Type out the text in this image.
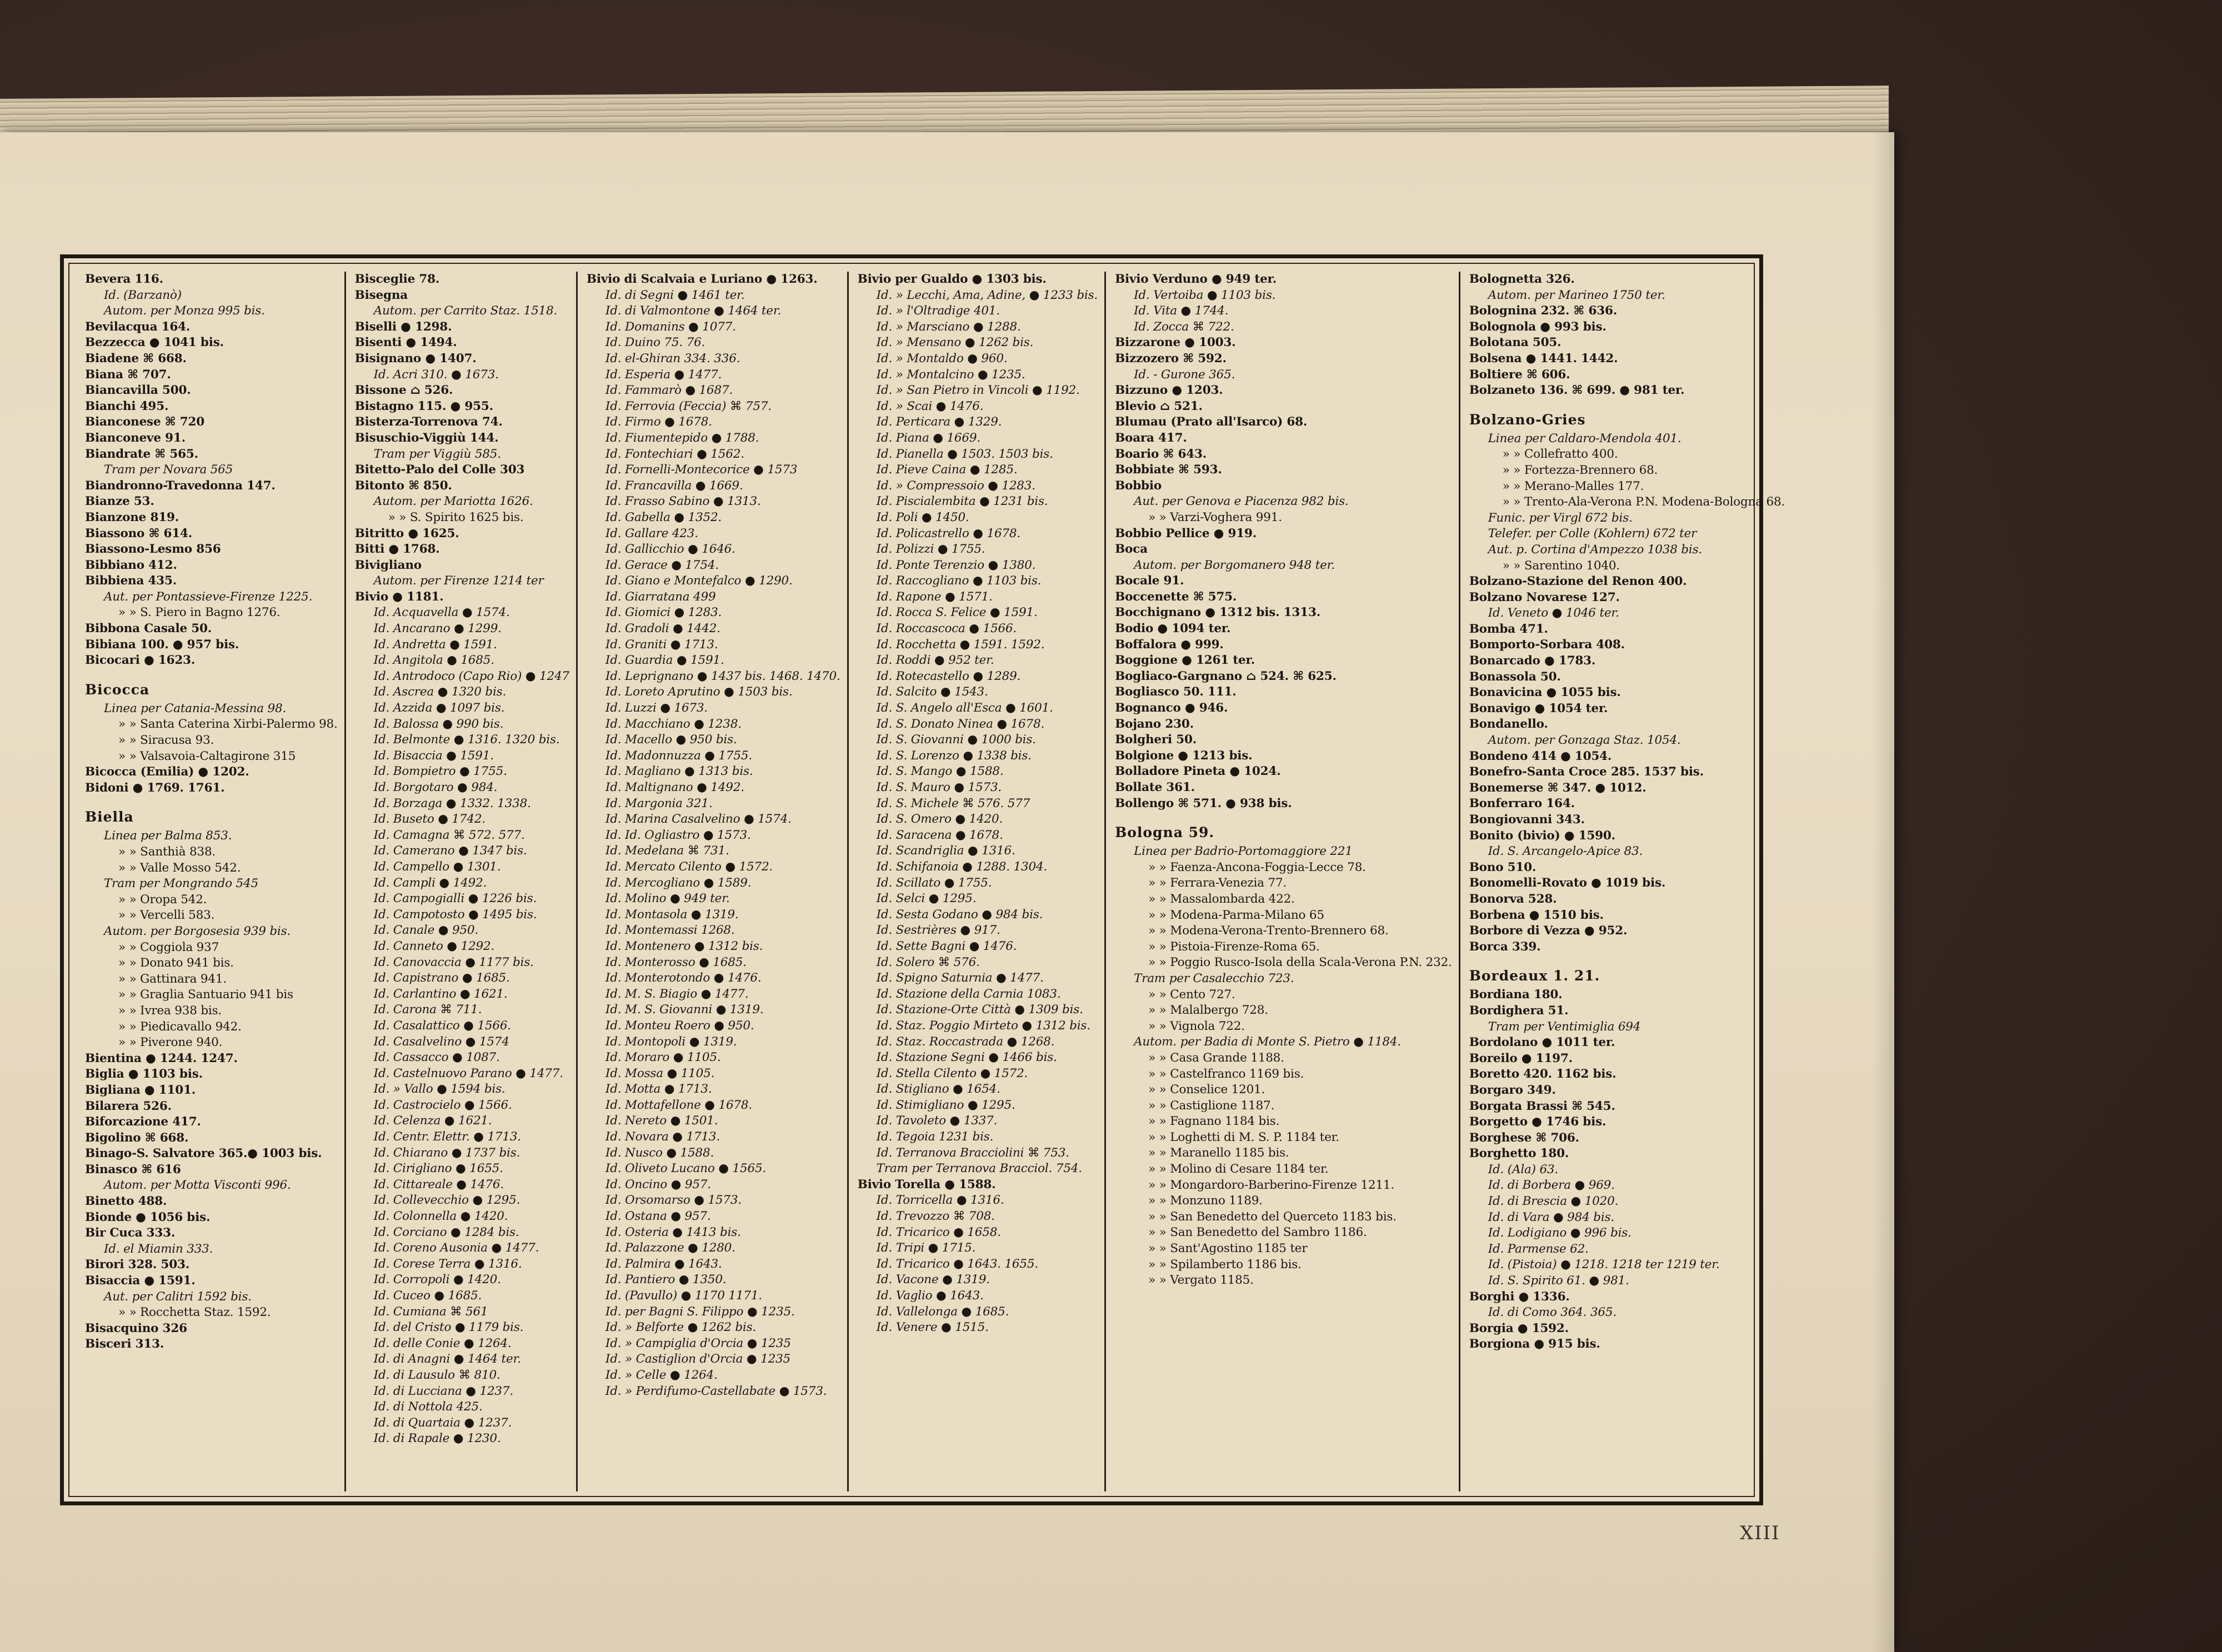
Bevera 116.
Id. (Barzanò)
Autom. per Monza 995 bis.
Bevilacqua 164.
Bezzecca ● 1041 bis.
Biadene ⌘ 668.
Biana ⌘ 707.
Biancavilla 500.
Bianchi 495.
Bianconese ⌘ 720
Bianconeve 91.
Biandrate ⌘ 565.
Tram per Novara 565
Biandronno-Travedonna 147.
Bianze 53.
Bianzone 819.
Biassono ⌘ 614.
Biassono-Lesmo 856
Bibbiano 412.
Bibbiena 435.
Aut. per Pontassieve-Firenze 1225.
» » S. Piero in Bagno 1276.
Bibbona Casale 50.
Bibiana 100. ● 957 bis.
Bicocari ● 1623.
Bicocca
Linea per Catania-Messina 98.
» » Santa Caterina Xirbi-Palermo 98.
» » Siracusa 93.
» » Valsavoia-Caltagirone 315
Bicocca (Emilia) ● 1202.
Bidoni ● 1769. 1761.
Biella
Linea per Balma 853.
» » Santhià 838.
» » Valle Mosso 542.
Tram per Mongrando 545
» » Oropa 542.
» » Vercelli 583.
Autom. per Borgosesia 939 bis.
» » Coggiola 937
» » Donato 941 bis.
» » Gattinara 941.
» » Graglia Santuario 941 bis
» » Ivrea 938 bis.
» » Piedicavallo 942.
» » Piverone 940.
Bientina ● 1244. 1247.
Biglia ● 1103 bis.
Bigliana ● 1101.
Bilarera 526.
Biforcazione 417.
Bigolino ⌘ 668.
Binago-S. Salvatore 365.● 1003 bis.
Binasco ⌘ 616
Autom. per Motta Visconti 996.
Binetto 488.
Bionde ● 1056 bis.
Bir Cuca 333.
Id. el Miamin 333.
Birori 328. 503.
Bisaccia ● 1591.
Aut. per Calitri 1592 bis.
» » Rocchetta Staz. 1592.
Bisacquino 326
Bisceri 313.
Bisceglie 78.
Bisegna
Autom. per Carrito Staz. 1518.
Biselli ● 1298.
Bisenti ● 1494.
Bisignano ● 1407.
Id. Acri 310. ● 1673.
Bissone ⌂ 526.
Bistagno 115. ● 955.
Bisterza-Torrenova 74.
Bisuschio-Viggiù 144.
Tram per Viggiù 585.
Bitetto-Palo del Colle 303
Bitonto ⌘ 850.
Autom. per Mariotta 1626.
» » S. Spirito 1625 bis.
Bitritto ● 1625.
Bitti ● 1768.
Bivigliano
Autom. per Firenze 1214 ter
Bivio ● 1181.
Id. Acquavella ● 1574.
Id. Ancarano ● 1299.
Id. Andretta ● 1591.
Id. Angitola ● 1685.
Id. Antrodoco (Capo Rio) ● 1247
Id. Ascrea ● 1320 bis.
Id. Azzida ● 1097 bis.
Id. Balossa ● 990 bis.
Id. Belmonte ● 1316. 1320 bis.
Id. Bisaccia ● 1591.
Id. Bompietro ● 1755.
Id. Borgotaro ● 984.
Id. Borzaga ● 1332. 1338.
Id. Buseto ● 1742.
Id. Camagna ⌘ 572. 577.
Id. Camerano ● 1347 bis.
Id. Campello ● 1301.
Id. Campli ● 1492.
Id. Campogialli ● 1226 bis.
Id. Campotosto ● 1495 bis.
Id. Canale ● 950.
Id. Canneto ● 1292.
Id. Canovaccia ● 1177 bis.
Id. Capistrano ● 1685.
Id. Carlantino ● 1621.
Id. Carona ⌘ 711.
Id. Casalattico ● 1566.
Id. Casalvelino ● 1574
Id. Cassacco ● 1087.
Id. Castelnuovo Parano ● 1477.
Id. » Vallo ● 1594 bis.
Id. Castrocielo ● 1566.
Id. Celenza ● 1621.
Id. Centr. Elettr. ● 1713.
Id. Chiarano ● 1737 bis.
Id. Cirigliano ● 1655.
Id. Cittareale ● 1476.
Id. Collevecchio ● 1295.
Id. Colonnella ● 1420.
Id. Corciano ● 1284 bis.
Id. Coreno Ausonia ● 1477.
Id. Corese Terra ● 1316.
Id. Corropoli ● 1420.
Id. Cuceo ● 1685.
Id. Cumiana ⌘ 561
Id. del Cristo ● 1179 bis.
Id. delle Conie ● 1264.
Id. di Anagni ● 1464 ter.
Id. di Lausulo ⌘ 810.
Id. di Lucciana ● 1237.
Id. di Nottola 425.
Id. di Quartaia ● 1237.
Id. di Rapale ● 1230.
Bivio di Scalvaia e Luriano ● 1263.
Id. di Segni ● 1461 ter.
Id. di Valmontone ● 1464 ter.
Id. Domanins ● 1077.
Id. Duino 75. 76.
Id. el-Ghiran 334. 336.
Id. Esperia ● 1477.
Id. Fammarò ● 1687.
Id. Ferrovia (Feccia) ⌘ 757.
Id. Firmo ● 1678.
Id. Fiumentepido ● 1788.
Id. Fontechiari ● 1562.
Id. Fornelli-Montecorice ● 1573
Id. Francavilla ● 1669.
Id. Frasso Sabino ● 1313.
Id. Gabella ● 1352.
Id. Gallare 423.
Id. Gallicchio ● 1646.
Id. Gerace ● 1754.
Id. Giano e Montefalco ● 1290.
Id. Giarratana 499
Id. Giomici ● 1283.
Id. Gradoli ● 1442.
Id. Graniti ● 1713.
Id. Guardia ● 1591.
Id. Leprignano ● 1437 bis. 1468. 1470.
Id. Loreto Aprutino ● 1503 bis.
Id. Luzzi ● 1673.
Id. Macchiano ● 1238.
Id. Macello ● 950 bis.
Id. Madonnuzza ● 1755.
Id. Magliano ● 1313 bis.
Id. Maltignano ● 1492.
Id. Margonia 321.
Id. Marina Casalvelino ● 1574.
Id. Id. Ogliastro ● 1573.
Id. Medelana ⌘ 731.
Id. Mercato Cilento ● 1572.
Id. Mercogliano ● 1589.
Id. Molino ● 949 ter.
Id. Montasola ● 1319.
Id. Montemassi 1268.
Id. Montenero ● 1312 bis.
Id. Monterosso ● 1685.
Id. Monterotondo ● 1476.
Id. M. S. Biagio ● 1477.
Id. M. S. Giovanni ● 1319.
Id. Monteu Roero ● 950.
Id. Montopoli ● 1319.
Id. Moraro ● 1105.
Id. Mossa ● 1105.
Id. Motta ● 1713.
Id. Mottafellone ● 1678.
Id. Nereto ● 1501.
Id. Novara ● 1713.
Id. Nusco ● 1588.
Id. Oliveto Lucano ● 1565.
Id. Oncino ● 957.
Id. Orsomarso ● 1573.
Id. Ostana ● 957.
Id. Osteria ● 1413 bis.
Id. Palazzone ● 1280.
Id. Palmira ● 1643.
Id. Pantiero ● 1350.
Id. (Pavullo) ● 1170 1171.
Id. per Bagni S. Filippo ● 1235.
Id. » Belforte ● 1262 bis.
Id. » Campiglia d'Orcia ● 1235
Id. » Castiglion d'Orcia ● 1235
Id. » Celle ● 1264.
Id. » Perdifumo-Castellabate ● 1573.
Bivio per Gualdo ● 1303 bis.
Id. » Lecchi, Ama, Adine, ● 1233 bis.
Id. » l'Oltradige 401.
Id. » Marsciano ● 1288.
Id. » Mensano ● 1262 bis.
Id. » Montaldo ● 960.
Id. » Montalcino ● 1235.
Id. » San Pietro in Vincoli ● 1192.
Id. » Scai ● 1476.
Id. Perticara ● 1329.
Id. Piana ● 1669.
Id. Pianella ● 1503. 1503 bis.
Id. Pieve Caina ● 1285.
Id. » Compressoio ● 1283.
Id. Piscialembita ● 1231 bis.
Id. Poli ● 1450.
Id. Policastrello ● 1678.
Id. Polizzi ● 1755.
Id. Ponte Terenzio ● 1380.
Id. Raccogliano ● 1103 bis.
Id. Rapone ● 1571.
Id. Rocca S. Felice ● 1591.
Id. Roccascoca ● 1566.
Id. Rocchetta ● 1591. 1592.
Id. Roddi ● 952 ter.
Id. Rotecastello ● 1289.
Id. Salcito ● 1543.
Id. S. Angelo all'Esca ● 1601.
Id. S. Donato Ninea ● 1678.
Id. S. Giovanni ● 1000 bis.
Id. S. Lorenzo ● 1338 bis.
Id. S. Mango ● 1588.
Id. S. Mauro ● 1573.
Id. S. Michele ⌘ 576. 577
Id. S. Omero ● 1420.
Id. Saracena ● 1678.
Id. Scandriglia ● 1316.
Id. Schifanoia ● 1288. 1304.
Id. Scillato ● 1755.
Id. Selci ● 1295.
Id. Sesta Godano ● 984 bis.
Id. Sestrières ● 917.
Id. Sette Bagni ● 1476.
Id. Solero ⌘ 576.
Id. Spigno Saturnia ● 1477.
Id. Stazione della Carnia 1083.
Id. Stazione-Orte Città ● 1309 bis.
Id. Staz. Poggio Mirteto ● 1312 bis.
Id. Staz. Roccastrada ● 1268.
Id. Stazione Segni ● 1466 bis.
Id. Stella Cilento ● 1572.
Id. Stigliano ● 1654.
Id. Stimigliano ● 1295.
Id. Tavoleto ● 1337.
Id. Tegoia 1231 bis.
Id. Terranova Bracciolini ⌘ 753.
Tram per Terranova Bracciol. 754.
Bivio Torella ● 1588.
Id. Torricella ● 1316.
Id. Trevozzo ⌘ 708.
Id. Tricarico ● 1658.
Id. Tripi ● 1715.
Id. Tricarico ● 1643. 1655.
Id. Vacone ● 1319.
Id. Vaglio ● 1643.
Id. Vallelonga ● 1685.
Id. Venere ● 1515.
Bivio Verduno ● 949 ter.
Id. Vertoiba ● 1103 bis.
Id. Vita ● 1744.
Id. Zocca ⌘ 722.
Bizzarone ● 1003.
Bizzozero ⌘ 592.
Id. - Gurone 365.
Bizzuno ● 1203.
Blevio ⌂ 521.
Blumau (Prato all'Isarco) 68.
Boara 417.
Boario ⌘ 643.
Bobbiate ⌘ 593.
Bobbio
Aut. per Genova e Piacenza 982 bis.
» » Varzi-Voghera 991.
Bobbio Pellice ● 919.
Boca
Autom. per Borgomanero 948 ter.
Bocale 91.
Boccenette ⌘ 575.
Bocchignano ● 1312 bis. 1313.
Bodio ● 1094 ter.
Boffalora ● 999.
Boggione ● 1261 ter.
Bogliaco-Gargnano ⌂ 524. ⌘ 625.
Bogliasco 50. 111.
Bognanco ● 946.
Bojano 230.
Bolgheri 50.
Bolgione ● 1213 bis.
Bolladore Pineta ● 1024.
Bollate 361.
Bollengo ⌘ 571. ● 938 bis.
Bologna 59.
Linea per Badrio-Portomaggiore 221
» » Faenza-Ancona-Foggia-Lecce 78.
» » Ferrara-Venezia 77.
» » Massalombarda 422.
» » Modena-Parma-Milano 65
» » Modena-Verona-Trento-Brennero 68.
» » Pistoia-Firenze-Roma 65.
» » Poggio Rusco-Isola della Scala-Verona P.N. 232.
Tram per Casalecchio 723.
» » Cento 727.
» » Malalbergo 728.
» » Vignola 722.
Autom. per Badia di Monte S. Pietro ● 1184.
» » Casa Grande 1188.
» » Castelfranco 1169 bis.
» » Conselice 1201.
» » Castiglione 1187.
» » Fagnano 1184 bis.
» » Loghetti di M. S. P. 1184 ter.
» » Maranello 1185 bis.
» » Molino di Cesare 1184 ter.
» » Mongardoro-Barberino-Firenze 1211.
» » Monzuno 1189.
» » San Benedetto del Querceto 1183 bis.
» » San Benedetto del Sambro 1186.
» » Sant'Agostino 1185 ter
» » Spilamberto 1186 bis.
» » Vergato 1185.
Bolognetta 326.
Autom. per Marineo 1750 ter.
Bolognina 232. ⌘ 636.
Bolognola ● 993 bis.
Bolotana 505.
Bolsena ● 1441. 1442.
Boltiere ⌘ 606.
Bolzaneto 136. ⌘ 699. ● 981 ter.
Bolzano-Gries
Linea per Caldaro-Mendola 401.
» » Collefratto 400.
» » Fortezza-Brennero 68.
» » Merano-Malles 177.
» » Trento-Ala-Verona P.N. Modena-Bologna 68.
Funic. per Virgl 672 bis.
Telefer. per Colle (Kohlern) 672 ter
Aut. p. Cortina d'Ampezzo 1038 bis.
» » Sarentino 1040.
Bolzano-Stazione del Renon 400.
Bolzano Novarese 127.
Id. Veneto ● 1046 ter.
Bomba 471.
Bomporto-Sorbara 408.
Bonarcado ● 1783.
Bonassola 50.
Bonavicina ● 1055 bis.
Bonavigo ● 1054 ter.
Bondanello.
Autom. per Gonzaga Staz. 1054.
Bondeno 414 ● 1054.
Bonefro-Santa Croce 285. 1537 bis.
Bonemerse ⌘ 347. ● 1012.
Bonferraro 164.
Bongiovanni 343.
Bonito (bivio) ● 1590.
Id. S. Arcangelo-Apice 83.
Bono 510.
Bonomelli-Rovato ● 1019 bis.
Bonorva 528.
Borbena ● 1510 bis.
Borbore di Vezza ● 952.
Borca 339.
Bordeaux 1. 21.
Bordiana 180.
Bordighera 51.
Tram per Ventimiglia 694
Bordolano ● 1011 ter.
Boreilo ● 1197.
Boretto 420. 1162 bis.
Borgaro 349.
Borgata Brassi ⌘ 545.
Borgetto ● 1746 bis.
Borghese ⌘ 706.
Borghetto 180.
Id. (Ala) 63.
Id. di Borbera ● 969.
Id. di Brescia ● 1020.
Id. di Vara ● 984 bis.
Id. Lodigiano ● 996 bis.
Id. Parmense 62.
Id. (Pistoia) ● 1218. 1218 ter 1219 ter.
Id. S. Spirito 61. ● 981.
Borghi ● 1336.
Id. di Como 364. 365.
Borgia ● 1592.
Borgiona ● 915 bis.
XIII
